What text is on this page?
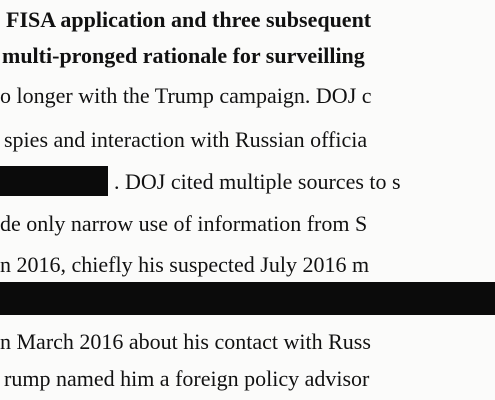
FISA application and three subsequent
multi-pronged rationale for surveilling
o longer with the Trump campaign. DOJ c
spies and interaction with Russian officia
. DOJ cited multiple sources to s
de only narrow use of information from S
n 2016, chiefly his suspected July 2016 m
n March 2016 about his contact with Russ
rump named him a foreign policy advisor
